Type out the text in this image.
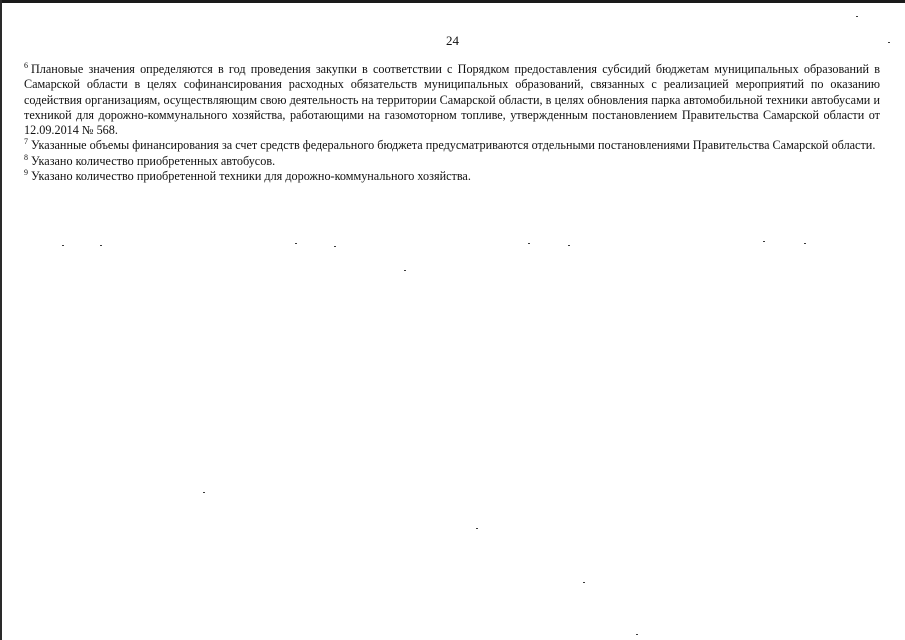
24

$^6$ Плановые значения определяются в год проведения закупки в соответствии с Порядком предоставления субсидий бюджетам муниципальных образований в Самарской области в целях софинансирования расходных обязательств муниципальных образований, связанных с реализацией мероприятий по оказанию содействия организациям, осуществляющим свою деятельность на территории Самарской области, в целях обновления парка автомобильной техники автобусами и техникой для дорожно-коммунального хозяйства, работающими на газомоторном топливе, утвержденным постановлением Правительства Самарской области от 12.09.2014 № 568.

$^7$ Указанные объемы финансирования за счет средств федерального бюджета предусматриваются отдельными постановлениями Правительства Самарской области.

$^8$ Указано количество приобретенных автобусов.

$^9$ Указано количество приобретенной техники для дорожно-коммунального хозяйства.
